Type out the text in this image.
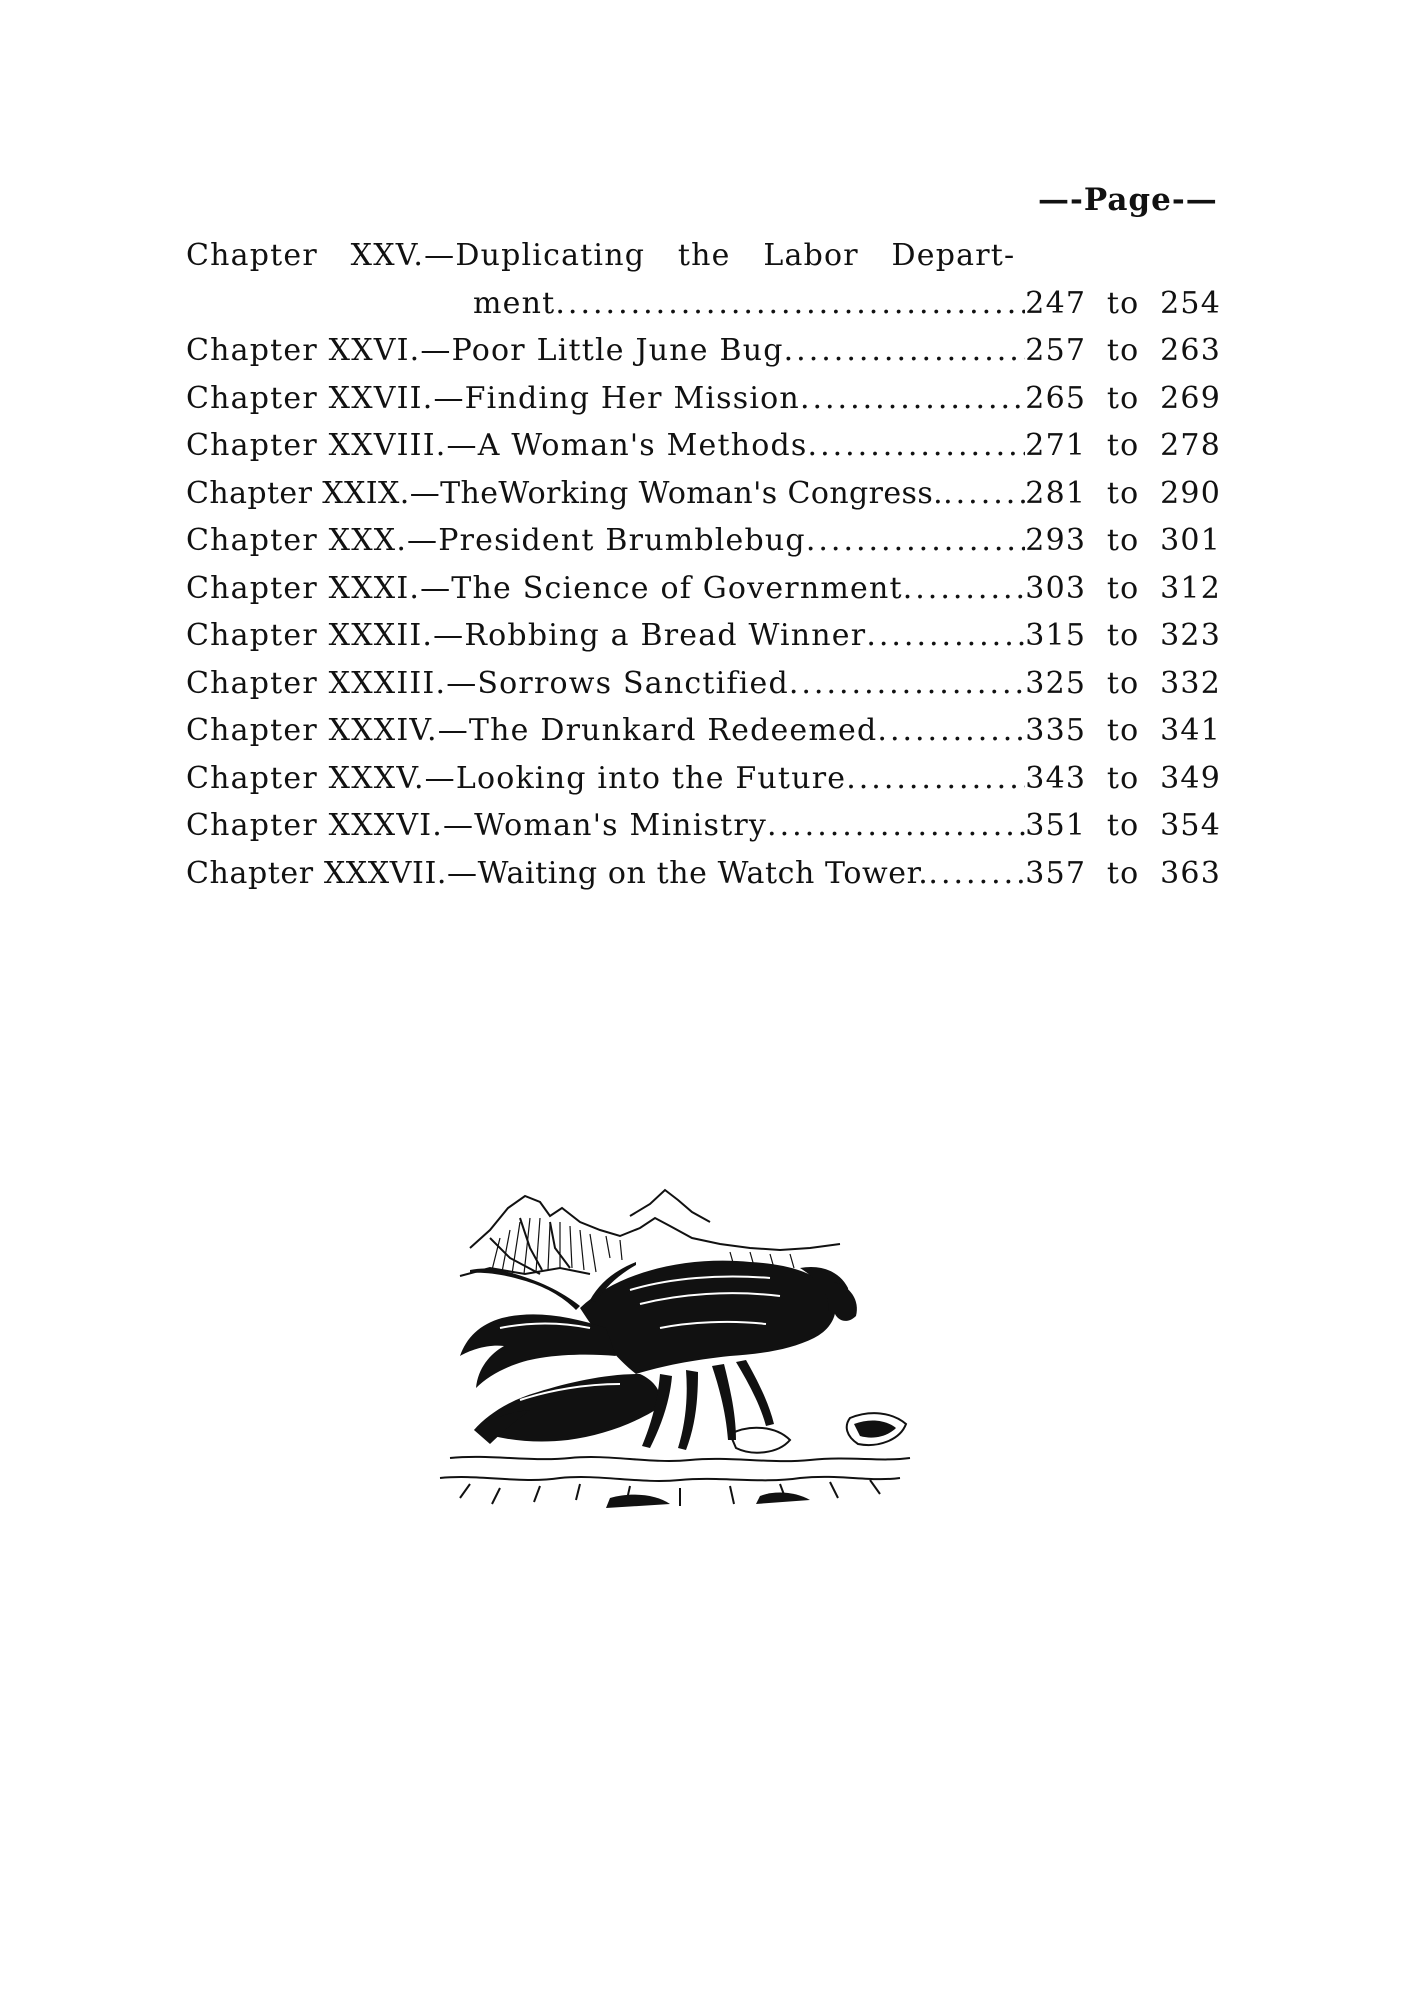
—-Page-—
Chapter XXV.—Duplicating the Labor Depart-
ment .....	247 to 254
Chapter XXVI.—Poor Little June Bug .....	257 to 263
Chapter XXVII.—Finding Her Mission .....	265 to 269
Chapter XXVIII.—A Woman's Methods .....	271 to 278
Chapter XXIX.—TheWorking Woman's Congress. .....	281 to 290
Chapter XXX.—President Brumblebug .....	293 to 301
Chapter XXXI.—The Science of Government .....	303 to 312
Chapter XXXII.—Robbing a Bread Winner .....	315 to 323
Chapter XXXIII.—Sorrows Sanctified .....	325 to 332
Chapter XXXIV.—The Drunkard Redeemed .....	335 to 341
Chapter XXXV.—Looking into the Future .....	343 to 349
Chapter XXXVI.—Woman's Ministry .....	351 to 354
Chapter XXXVII.—Waiting on the Watch Tower. .....	357 to 363
